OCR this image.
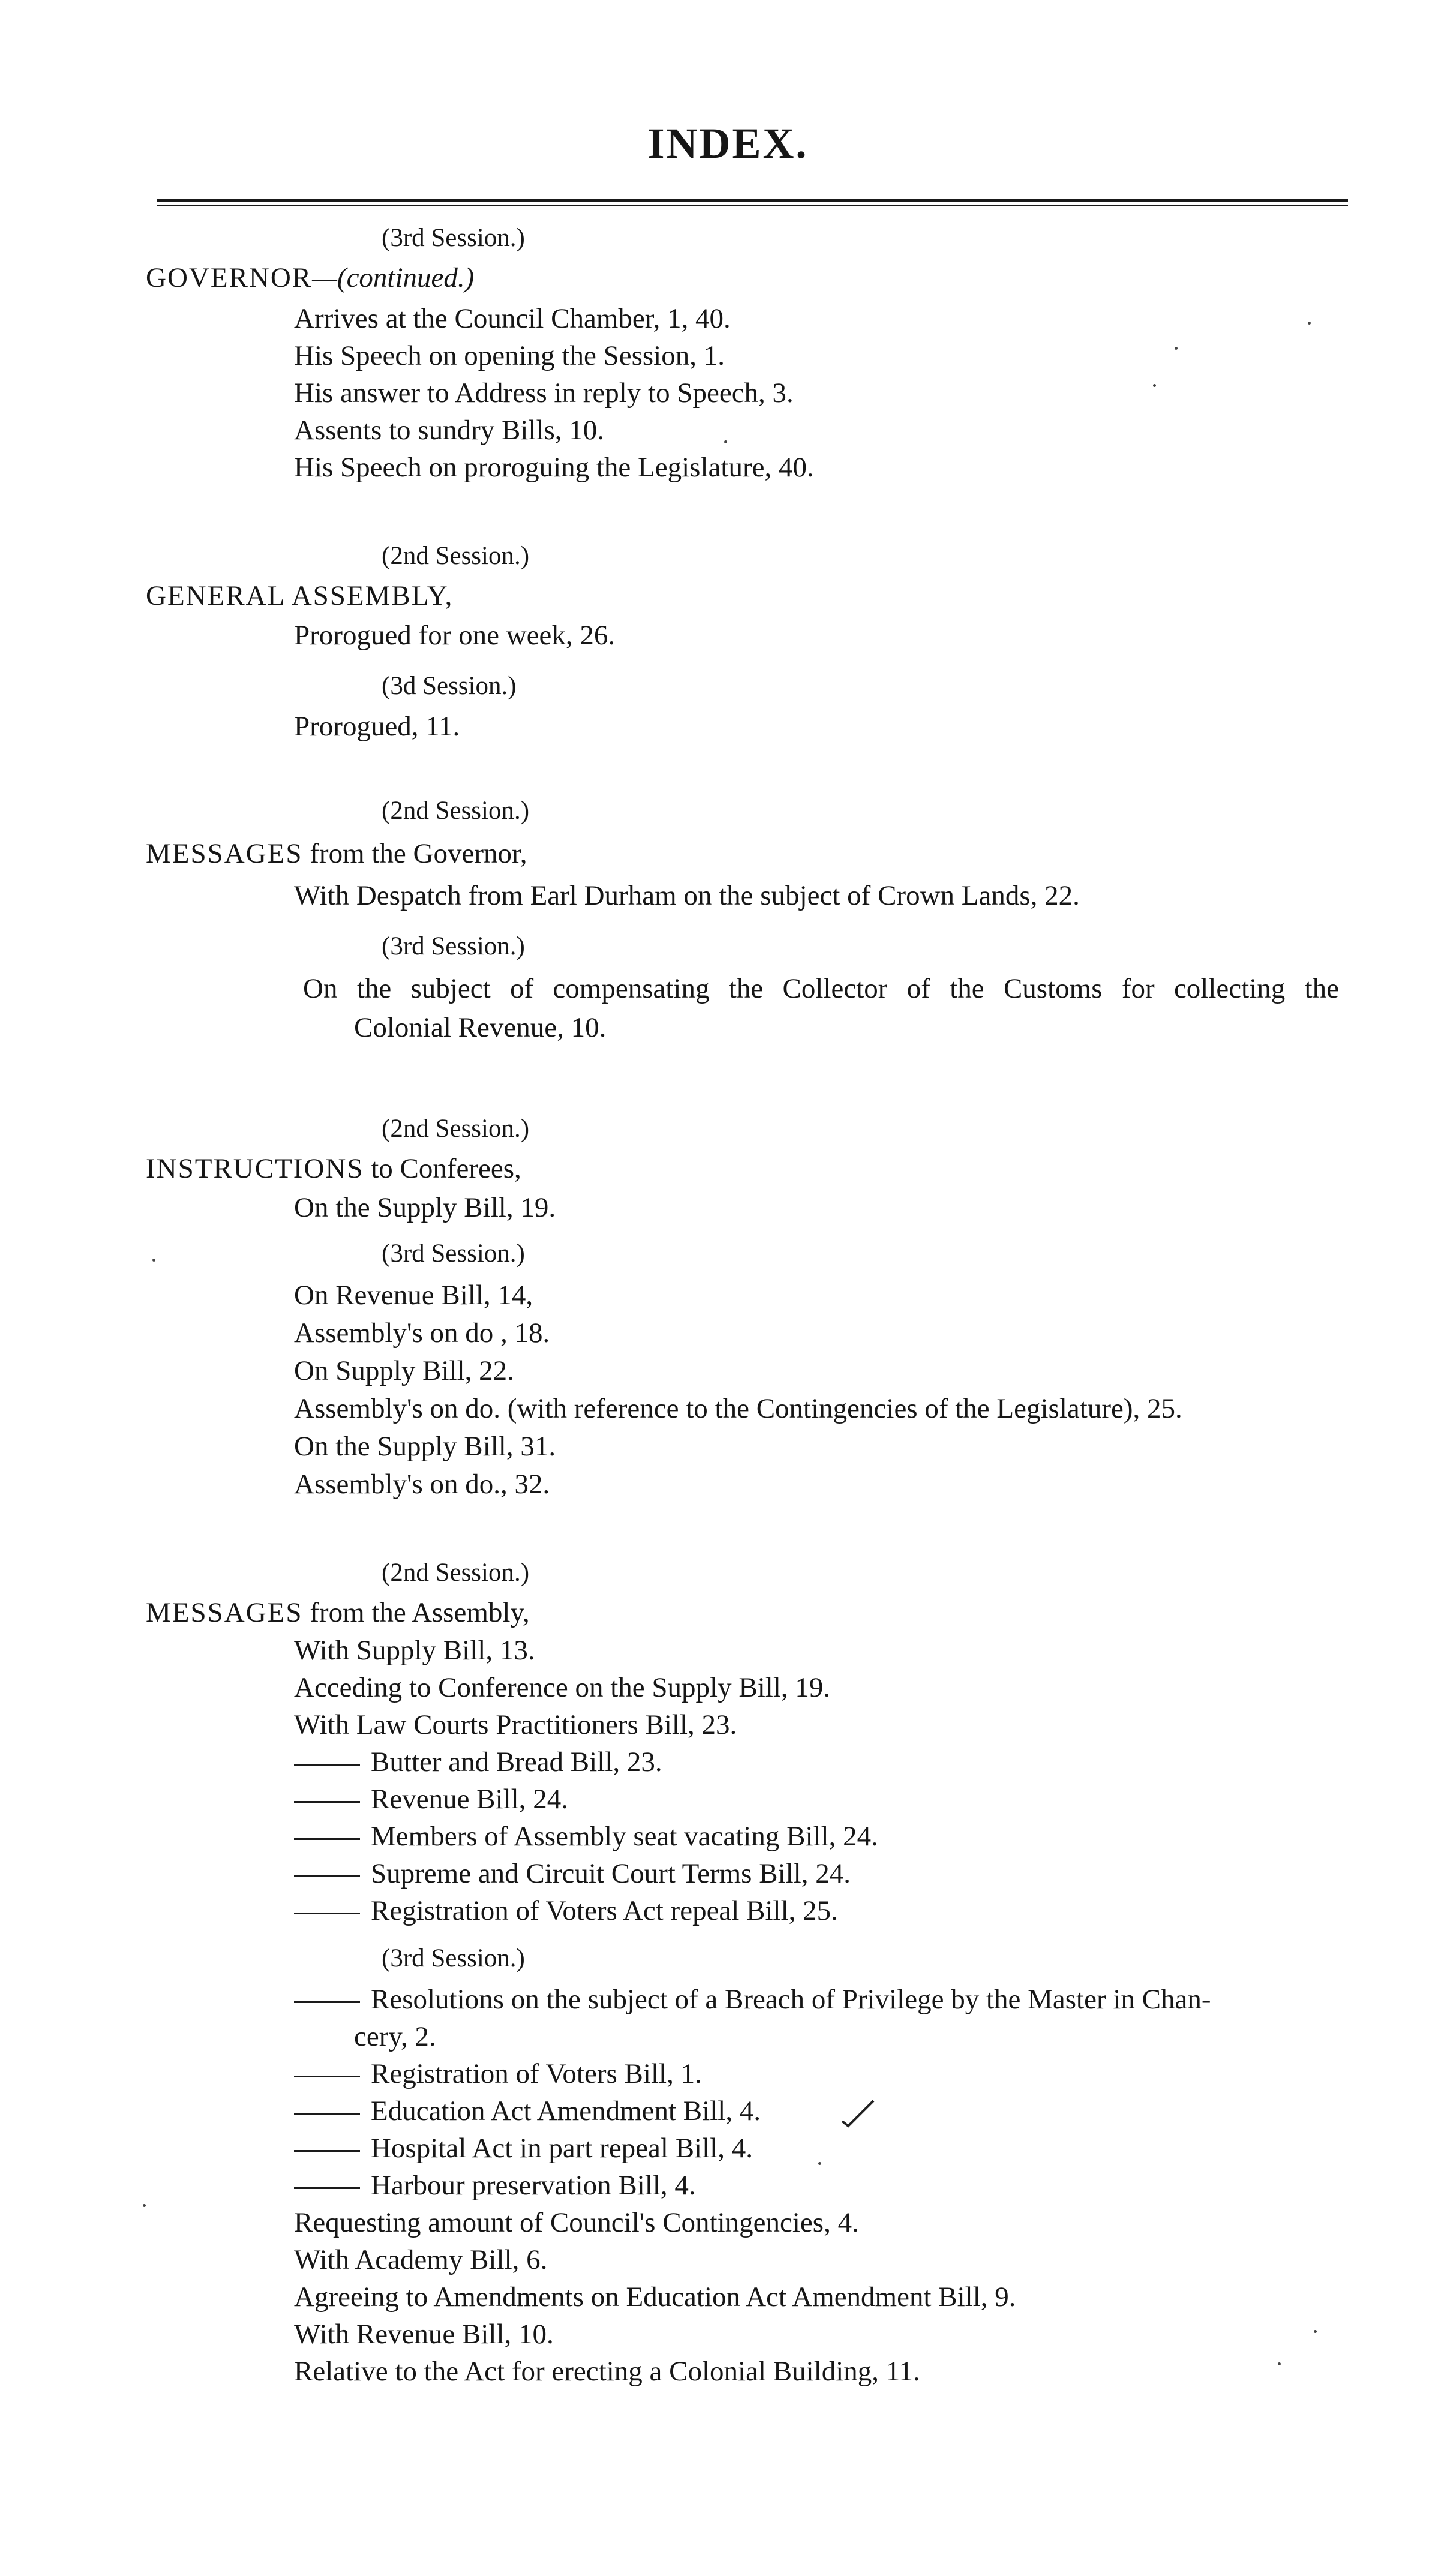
INDEX.
(3rd Session.)
GOVERNOR—(continued.)
Arrives at the Council Chamber, 1, 40.
His Speech on opening the Session, 1.
His answer to Address in reply to Speech, 3.
Assents to sundry Bills, 10.
His Speech on proroguing the Legislature, 40.
(2nd Session.)
GENERAL ASSEMBLY,
Prorogued for one week, 26.
(3d Session.)
Prorogued, 11.
(2nd Session.)
MESSAGES from the Governor,
With Despatch from Earl Durham on the subject of Crown Lands, 22.
(3rd Session.)
On the subject of compensating the Collector of the Customs for collecting the
Colonial Revenue, 10.
(2nd Session.)
INSTRUCTIONS to Conferees,
On the Supply Bill, 19.
(3rd Session.)
On Revenue Bill, 14,
Assembly's on do , 18.
On Supply Bill, 22.
Assembly's on do. (with reference to the Contingencies of the Legislature), 25.
On the Supply Bill, 31.
Assembly's on do., 32.
(2nd Session.)
MESSAGES from the Assembly,
With Supply Bill, 13.
Acceding to Conference on the Supply Bill, 19.
With Law Courts Practitioners Bill, 23.
Butter and Bread Bill, 23.
Revenue Bill, 24.
Members of Assembly seat vacating Bill, 24.
Supreme and Circuit Court Terms Bill, 24.
Registration of Voters Act repeal Bill, 25.
(3rd Session.)
Resolutions on the subject of a Breach of Privilege by the Master in Chan-
cery, 2.
Registration of Voters Bill, 1.
Education Act Amendment Bill, 4.
Hospital Act in part repeal Bill, 4.
Harbour preservation Bill, 4.
Requesting amount of Council's Contingencies, 4.
With Academy Bill, 6.
Agreeing to Amendments on Education Act Amendment Bill, 9.
With Revenue Bill, 10.
Relative to the Act for erecting a Colonial Building, 11.
